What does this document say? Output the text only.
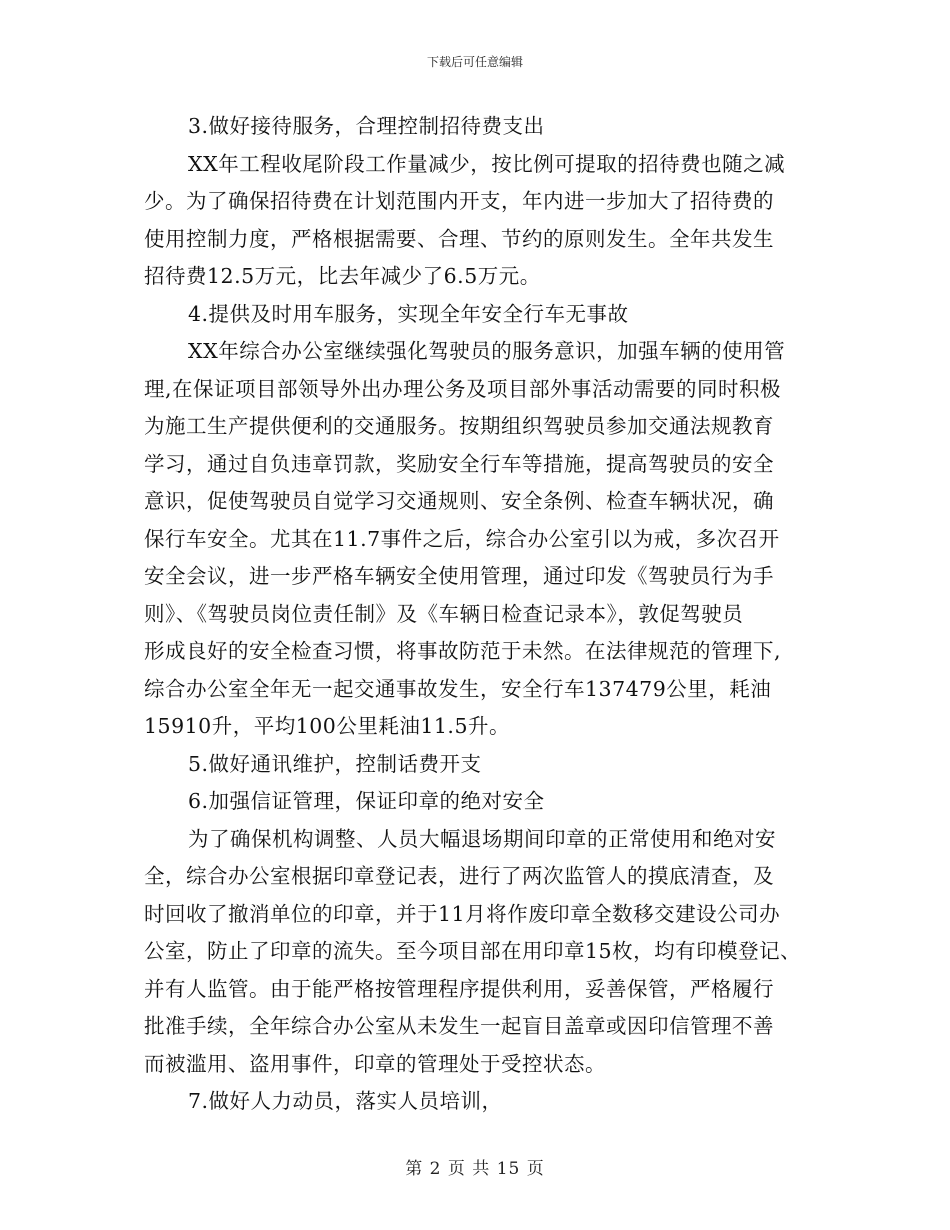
下载后可任意编辑

3.做好接待服务，合理控制招待费支出

XX年工程收尾阶段工作量减少，按比例可提取的招待费也随之减

少。为了确保招待费在计划范围内开支，年内进一步加大了招待费的

使用控制力度，严格根据需要、合理、节约的原则发生。全年共发生

招待费12.5万元，比去年减少了6.5万元。

4.提供及时用车服务，实现全年安全行车无事故

XX年综合办公室继续强化驾驶员的服务意识，加强车辆的使用管

理,在保证项目部领导外出办理公务及项目部外事活动需要的同时积极

为施工生产提供便利的交通服务。按期组织驾驶员参加交通法规教育

学习，通过自负违章罚款，奖励安全行车等措施，提高驾驶员的安全

意识，促使驾驶员自觉学习交通规则、安全条例、检查车辆状况，确

保行车安全。尤其在11.7事件之后，综合办公室引以为戒，多次召开

安全会议，进一步严格车辆安全使用管理，通过印发《驾驶员行为手

则》、《驾驶员岗位责任制》及《车辆日检查记录本》，敦促驾驶员

形成良好的安全检查习惯，将事故防范于未然。在法律规范的管理下,

综合办公室全年无一起交通事故发生，安全行车137479公里，耗油

15910升，平均100公里耗油11.5升。

5.做好通讯维护，控制话费开支

6.加强信证管理，保证印章的绝对安全

为了确保机构调整、人员大幅退场期间印章的正常使用和绝对安

全，综合办公室根据印章登记表，进行了两次监管人的摸底清查，及

时回收了撤消单位的印章，并于11月将作废印章全数移交建设公司办

公室，防止了印章的流失。至今项目部在用印章15枚，均有印模登记、

并有人监管。由于能严格按管理程序提供利用，妥善保管，严格履行

批准手续，全年综合办公室从未发生一起盲目盖章或因印信管理不善

而被滥用、盗用事件，印章的管理处于受控状态。

7.做好人力动员，落实人员培训，

第 2 页 共 15 页
